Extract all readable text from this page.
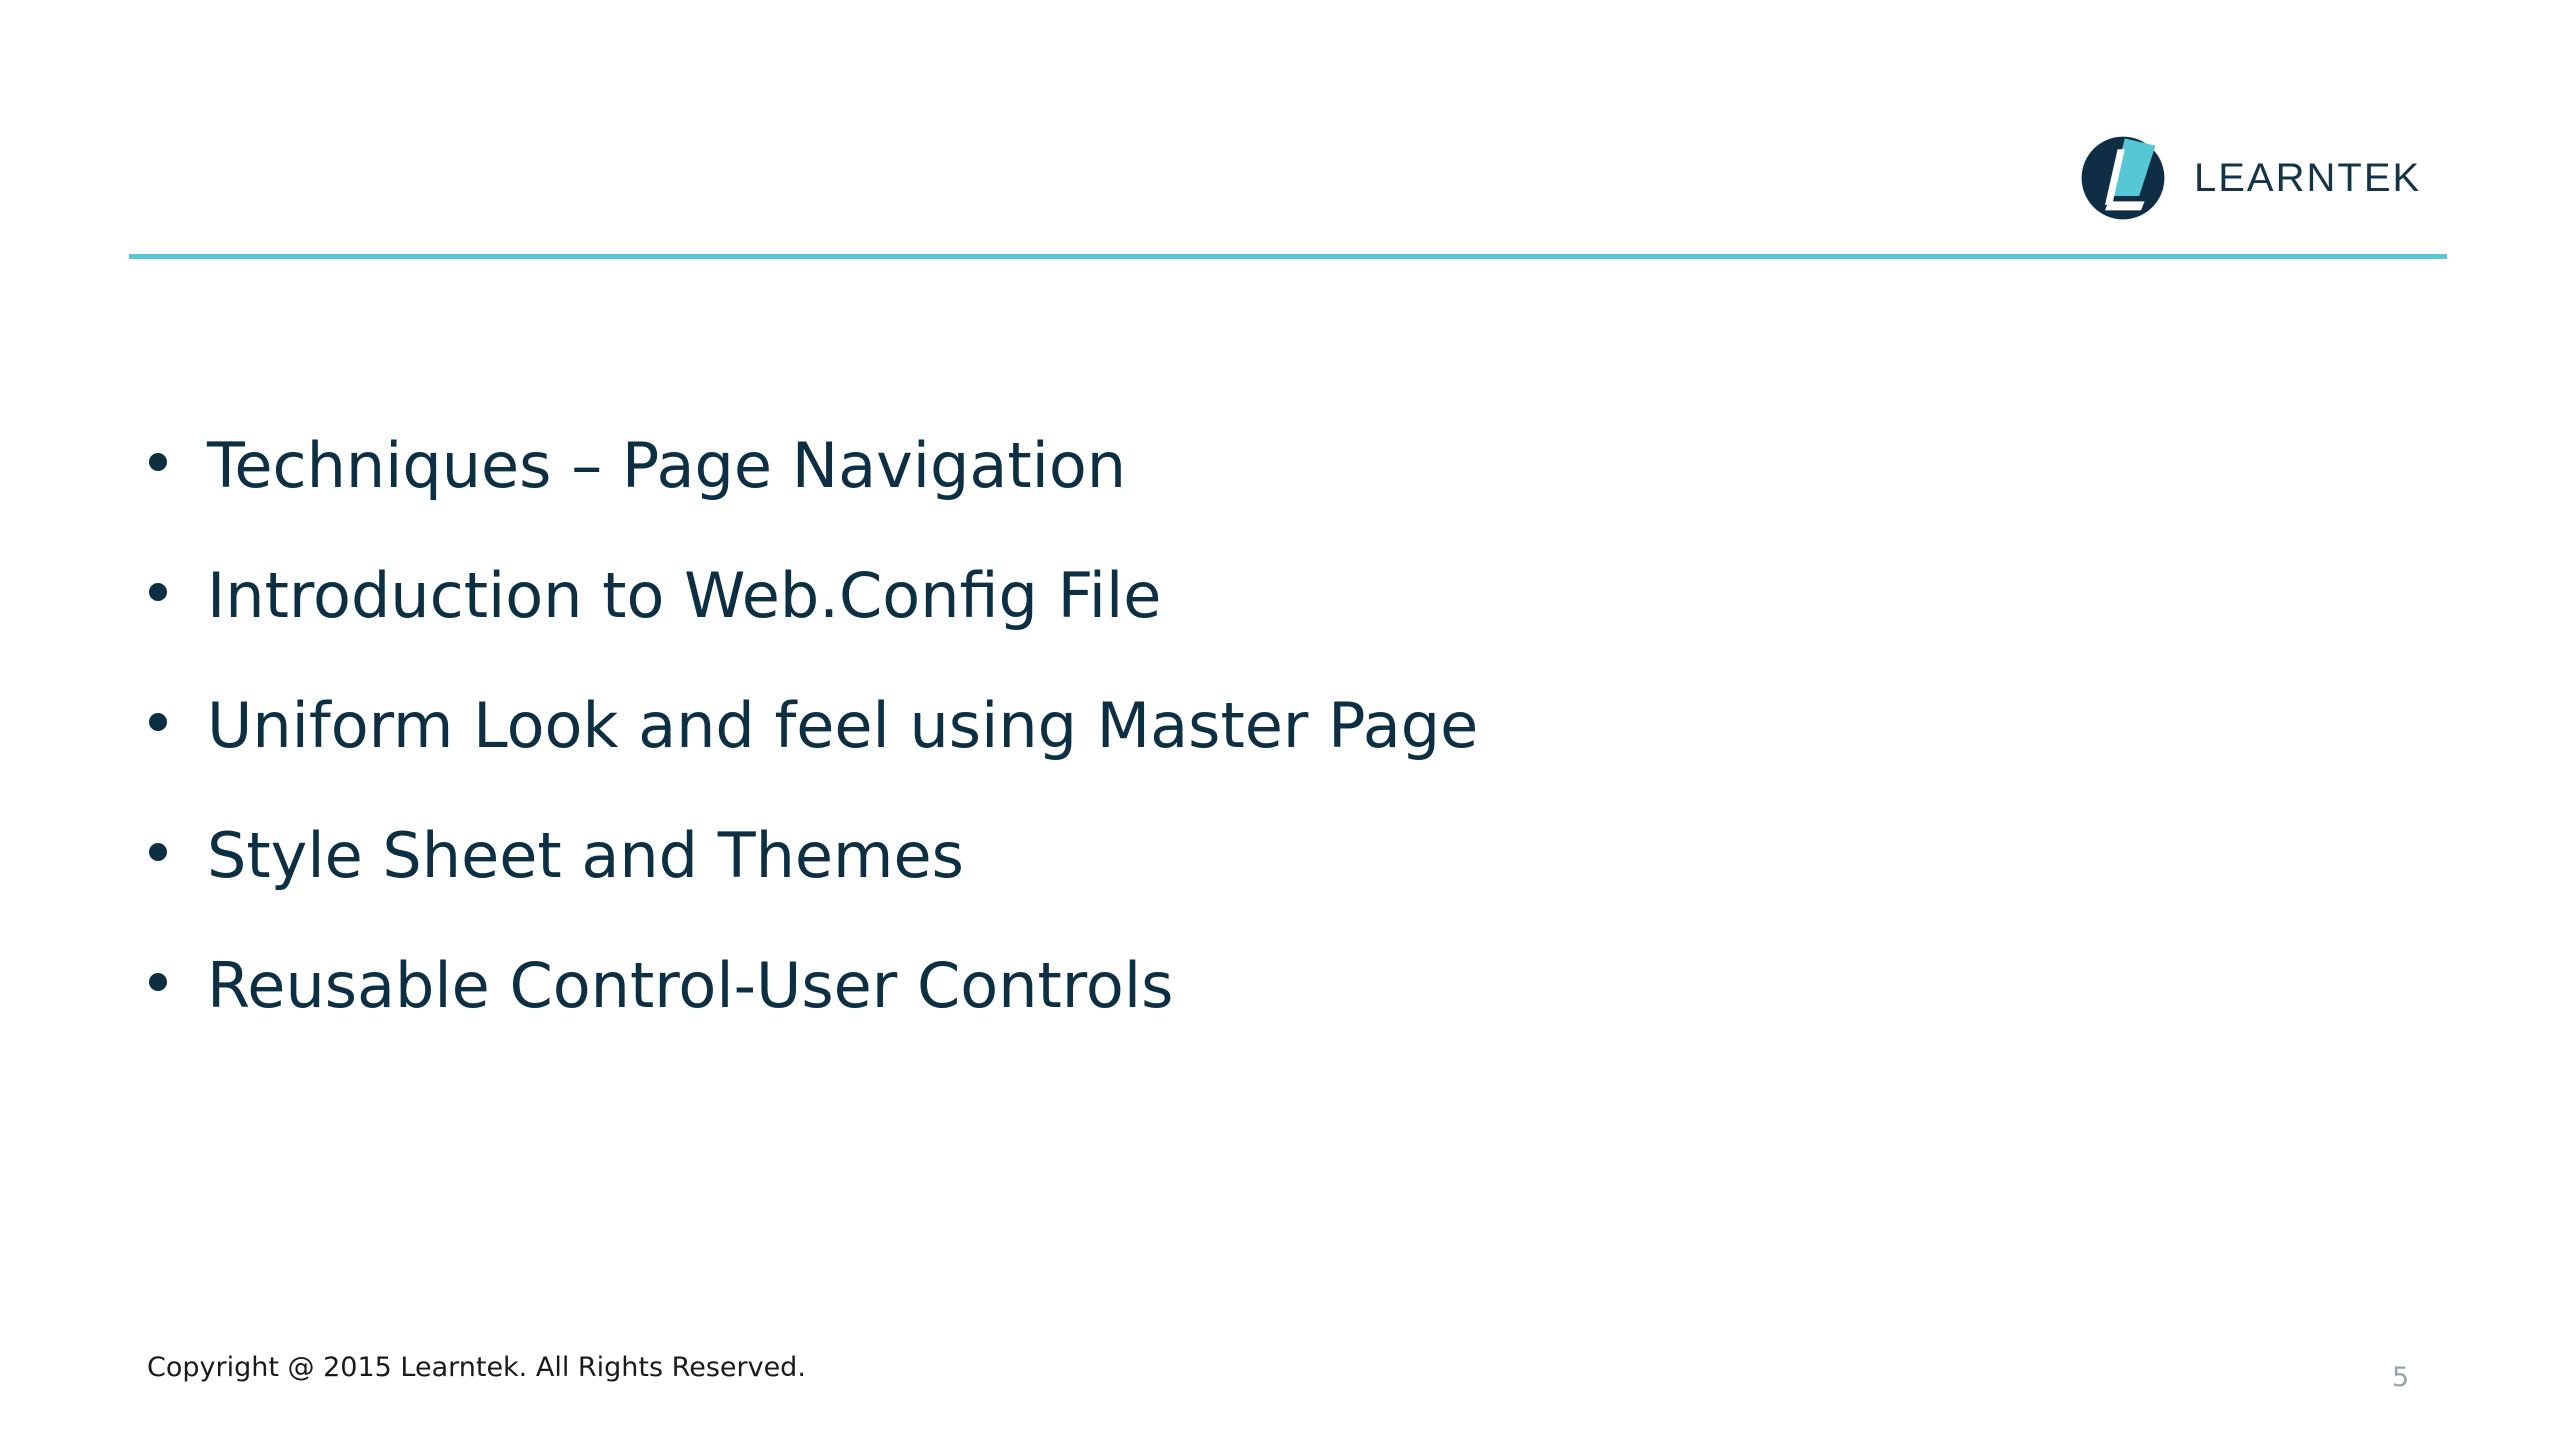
LEARNTEK
Techniques – Page Navigation
Introduction to Web.Config File
Uniform Look and feel using Master Page
Style Sheet and Themes
Reusable Control-User Controls
Copyright @ 2015 Learntek. All Rights Reserved.	5
